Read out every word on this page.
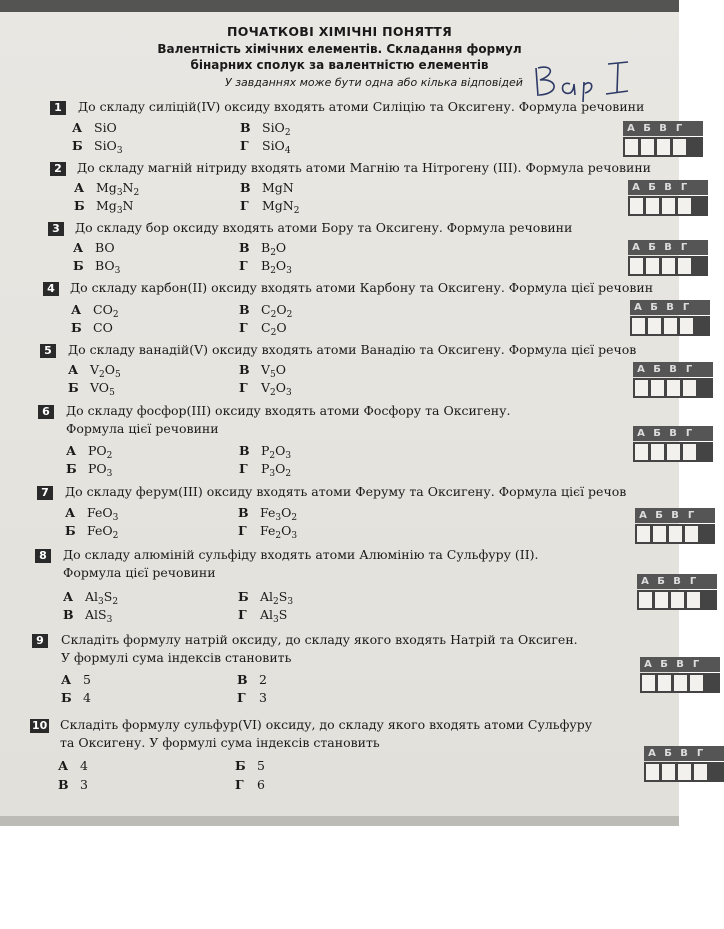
ПОЧАТКОВІ ХІМІЧНІ ПОНЯТТЯ
Валентність хімічних елементів. Складання формул
бінарних сполук за валентністю елементів
У завданнях може бути одна або кілька відповідей
1	До складу силіцій(IV) оксиду входять атоми Силіцію та Оксигену. Формула речовини
А SiO	В SiO$_2$
Б SiO$_3$	Г SiO$_4$
А Б В Г
2	До складу магній нітриду входять атоми Магнію та Нітрогену (III). Формула речовини
А $Mg_3N_2$	В MgN
Б $Mg_3N$	Г MgN$_2$
А Б В Г
3	До складу бор оксиду входять атоми Бору та Оксигену. Формула речовини
А BO	В $B_2O$
Б $BO_3$	Г $B_2O_3$
А Б В Г
4	До складу карбон(II) оксиду входять атоми Карбону та Оксигену. Формула цієї речовин
А $CO_2$	В $C_2O_2$
Б CO	Г $C_2O$
А Б В Г
5	До складу ванадій(V) оксиду входять атоми Ванадію та Оксигену. Формула цієї речов
А $V_2O_5$	В $V_5O$
Б $VO_5$	Г $V_2O_3$
А Б В Г
6	До складу фосфор(III) оксиду входять атоми Фосфору та Оксигену.
Формула цієї речовини
А $PO_2$	В $P_2O_3$
Б $PO_3$	Г $P_3O_2$
А Б В Г
7	До складу ферум(III) оксиду входять атоми Феруму та Оксигену. Формула цієї речов
А FeO$_3$	В $Fe_3O_2$
Б FeO$_2$	Г $Fe_2O_3$
А Б В Г
8	До складу алюміній сульфіду входять атоми Алюмінію та Сульфуру (II).
Формула цієї речовини
А $Al_3S_2$	Б $Al_2S_3$
В AlS$_3$	Г $Al_3S$
А Б В Г
9	Складіть формулу натрій оксиду, до складу якого входять Натрій та Оксиген.
У формулі сума індексів становить
А 5	В 2
Б 4	Г 3
А Б В Г
10 Складіть формулу сульфур(VI) оксиду, до складу якого входять атоми Сульфуру
та Оксигену. У формулі сума індексів становить
А 4	Б 5
В 3	Г 6
А Б В Г
